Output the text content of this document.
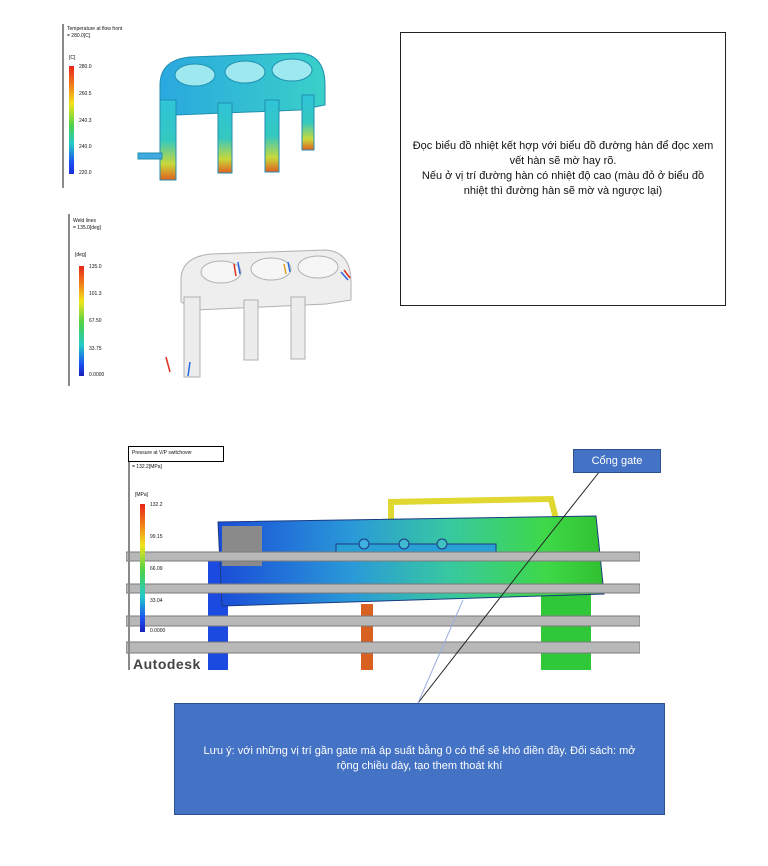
Temperature at flow front
= 280.0[C]
[C]
280.0
260.5
240.3
240.0
220.0
Weld lines
= 135.0[deg]
[deg]
135.0
101.3
67.50
33.75
0.0000
Đọc biểu đồ nhiệt kết hợp với biểu đồ đường hàn để đọc xem vết hàn sẽ mờ hay rõ.
Nếu ở vị trí đường hàn có nhiệt độ cao (màu đỏ ở biểu đồ nhiệt thì đường hàn sẽ mờ và ngược lại)
Pressure at V/P switchover
= 132.2[MPa]
[MPa]
132.2
99.15
66.09
33.04
0.0000
Autodesk
Cổng gate
Lưu ý: với những vị trí gần gate mà áp suất bằng 0 có thể sẽ khó điền đầy. Đối sách: mở rộng chiều dày, tạo them thoát khí
